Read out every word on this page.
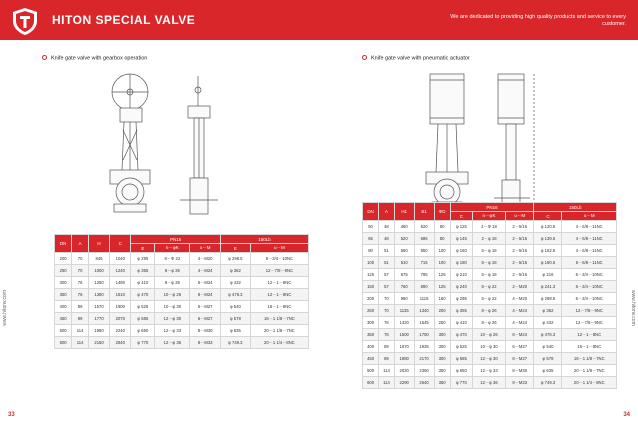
HITON SPECIAL VALVE	We are dedicated to providing high quality products and service to every customer.
www.hitonv.com	www.hitonv.com
33	34
Knife gate valve with gearbox operation	Knife gate valve with pneumatic actuator
DN	A	H	C	PN16			150Lb	
				E	n－φK	u－M	E	u－M
200	70	845	1040	φ 295	8－Φ 22	4－M20	φ 298.5	8－3/4－10NC
250	70	1000	1240	φ 355	8－φ 26	4－M24	φ 362	12－7/8－9NC
300	76	1250	1480	φ 410	8－φ 26	6－M24	φ 432	12－1－8NC
350	76	1380	1610	φ 470	10－φ 26	8－M24	φ 476.3	12－1－8NC
400	89	1570	1900	φ 525	10－φ 30	6－M27	φ 540	16－1－8NC
450	89	1770	2070	φ 585	12－φ 30	6－M27	φ 578	16－1 1/8－7NC
500	114	1980	2240	φ 650	12－φ 33	8－M30	φ 635	20－1 1/8－7NC
600	114	2150	2640	φ 770	12－φ 36	8－M33	φ 749.3	20－1 1/4－8NC
DN	A	H1	B1	ΦD	PN16			150Lb	
					C	n－φK	u－M	C	u－M
50	48	460	520	80	φ 125	2－Φ 18	2－5/16	φ 120.5	4－5/8－11NC
65	48	520	586	80	φ 145	2－φ 18	2－5/16	φ 139.5	4－5/8－11NC
80	51	560	650	100	φ 160	6－φ 18	2－5/16	φ 152.5	4－5/8－11NC
100	51	610	715	100	φ 180	6－φ 18	2－5/16	φ 190.5	6－5/8－11NC
125	57	675	795	125	φ 210	6－φ 18	2－5/16	φ 216	6－3/4－10NC
150	57	760	890	125	φ 240	6－φ 22	2－M20	φ 241.3	6－3/4－10NC
200	70	960	1115	160	φ 295	6－φ 22	4－M20	φ 298.5	6－3/4－10NC
250	70	1135	1340	200	φ 355	8－φ 26	4－M24	φ 362	12－7/8－9NC
300	76	1320	1545	250	φ 410	8－φ 26	4－M24	φ 432	12－7/8－9NC
350	76	1500	1750	300	φ 470	10－φ 26	6－M24	φ 476.3	12－1－8NC
400	89	1670	1925	300	φ 525	10－φ 30	6－M27	φ 540	16－1－8NC
450	89	1880	2170	300	φ 585	12－φ 30	6－M27	φ 578	16－1 1/8－7NC
500	114	2020	2360	350	φ 650	12－φ 33	8－M30	φ 635	20－1 1/8－7NC
600	114	2290	2640	350	φ 770	12－φ 36	8－M33	φ 749.3	20－1 1/4－8NC
